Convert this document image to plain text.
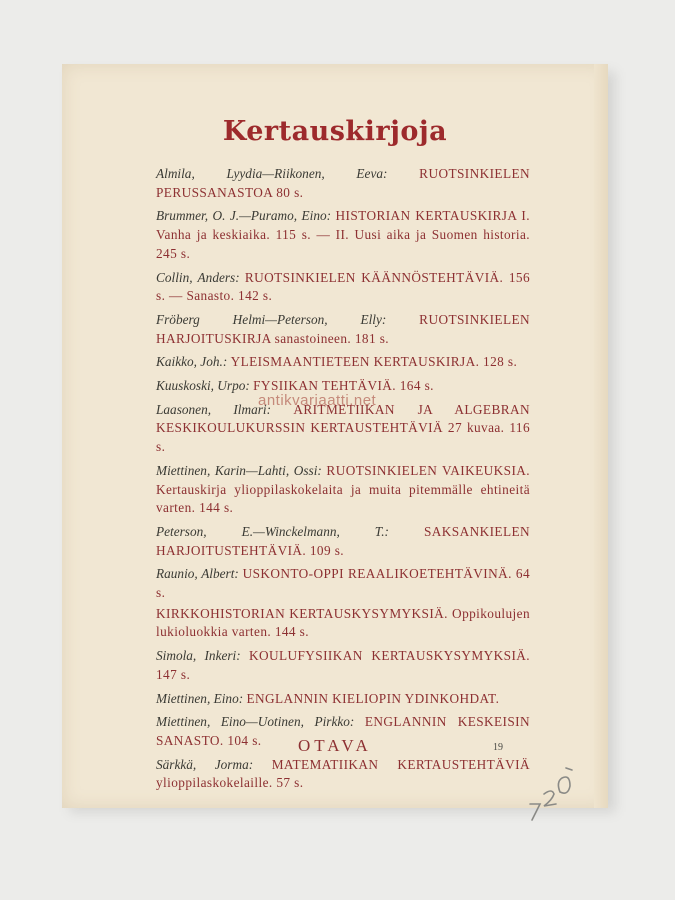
Kertauskirjoja
Almila, Lyydia—Riikonen, Eeva: RUOTSINKIELEN PERUSSANASTOA 80 s.
Brummer, O. J.—Puramo, Eino: HISTORIAN KERTAUSKIRJA I. Vanha ja keskiaika. 115 s. — II. Uusi aika ja Suomen historia. 245 s.
Collin, Anders: RUOTSINKIELEN KÄÄNNÖSTEHTÄVIÄ. 156 s. — Sanasto. 142 s.
Fröberg Helmi—Peterson, Elly: RUOTSINKIELEN HARJOITUSKIRJA sanastoineen. 181 s.
Kaikko, Joh.: YLEISMAANTIETEEN KERTAUSKIRJA. 128 s.
Kuuskoski, Urpo: FYSIIKAN TEHTÄVIÄ. 164 s.
Laasonen, Ilmari: ARITMETIIKAN JA ALGEBRAN KESKIKOULUKURSSIN KERTAUSTEHTÄVIÄ 27 kuvaa. 116 s.
Miettinen, Karin—Lahti, Ossi: RUOTSINKIELEN VAIKEUKSIA. Kertauskirja ylioppilaskokelaita ja muita pitemmälle ehtineitä varten. 144 s.
Peterson, E.—Winckelmann, T.:	SAKSANKIELEN HARJOITUSTEHTÄVIÄ. 109 s.
Raunio, Albert: USKONTO-OPPI REAALIKOETEHTÄVINÄ. 64 s.
KIRKKOHISTORIAN KERTAUSKYSYMYKSIÄ. Oppikoulujen lukioluokkia varten. 144 s.
Simola, Inkeri: KOULUFYSIIKAN KERTAUSKYSYMYKSIÄ. 147 s.
Miettinen, Eino: ENGLANNIN KIELIOPIN YDINKOHDAT.
Miettinen, Eino—Uotinen, Pirkko: ENGLANNIN KESKEISIN SANASTO. 104 s.
Särkkä, Jorma: MATEMATIIKAN KERTAUSTEHTÄVIÄ ylioppilaskokelaille. 57 s.
OTAVA	19
antikvariaatti.net
